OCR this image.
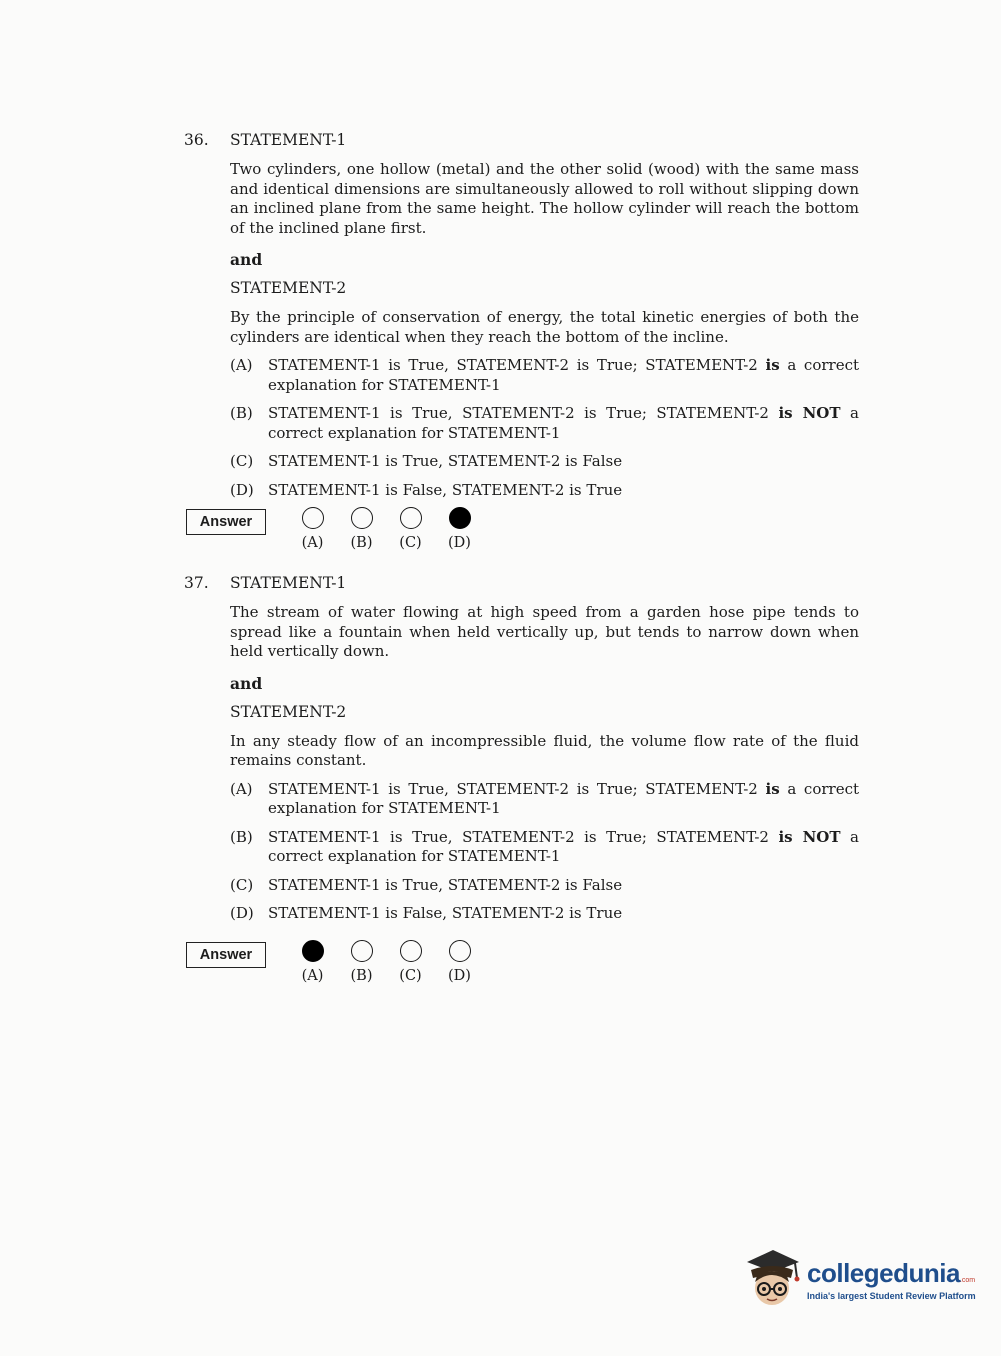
36.	STATEMENT-1
Two cylinders, one hollow (metal) and the other solid (wood) with the same mass and identical dimensions are simultaneously allowed to roll without slipping down an inclined plane from the same height. The hollow cylinder will reach the bottom of the inclined plane first.
and
STATEMENT-2
By the principle of conservation of energy, the total kinetic energies of both the cylinders are identical when they reach the bottom of the incline.
(A)	STATEMENT-1 is True, STATEMENT-2 is True; STATEMENT-2 is a correct explanation for STATEMENT-1
(B)	STATEMENT-1 is True, STATEMENT-2 is True; STATEMENT-2 is NOT a correct explanation for STATEMENT-1
(C) STATEMENT-1 is True, STATEMENT-2 is False
(D) STATEMENT-1 is False, STATEMENT-2 is True
Answer
(A) (B) (C) (D)
37.	STATEMENT-1
The stream of water flowing at high speed from a garden hose pipe tends to spread like a fountain when held vertically up, but tends to narrow down when held vertically down.
and
STATEMENT-2
In any steady flow of an incompressible fluid, the volume flow rate of the fluid remains constant.
(A)	STATEMENT-1 is True, STATEMENT-2 is True; STATEMENT-2 is a correct explanation for STATEMENT-1
(B)	STATEMENT-1 is True, STATEMENT-2 is True; STATEMENT-2 is NOT a correct explanation for STATEMENT-1
(C) STATEMENT-1 is True, STATEMENT-2 is False
(D) STATEMENT-1 is False, STATEMENT-2 is True
Answer
(A) (B) (C) (D)
collegedunia.com
India's largest Student Review Platform
